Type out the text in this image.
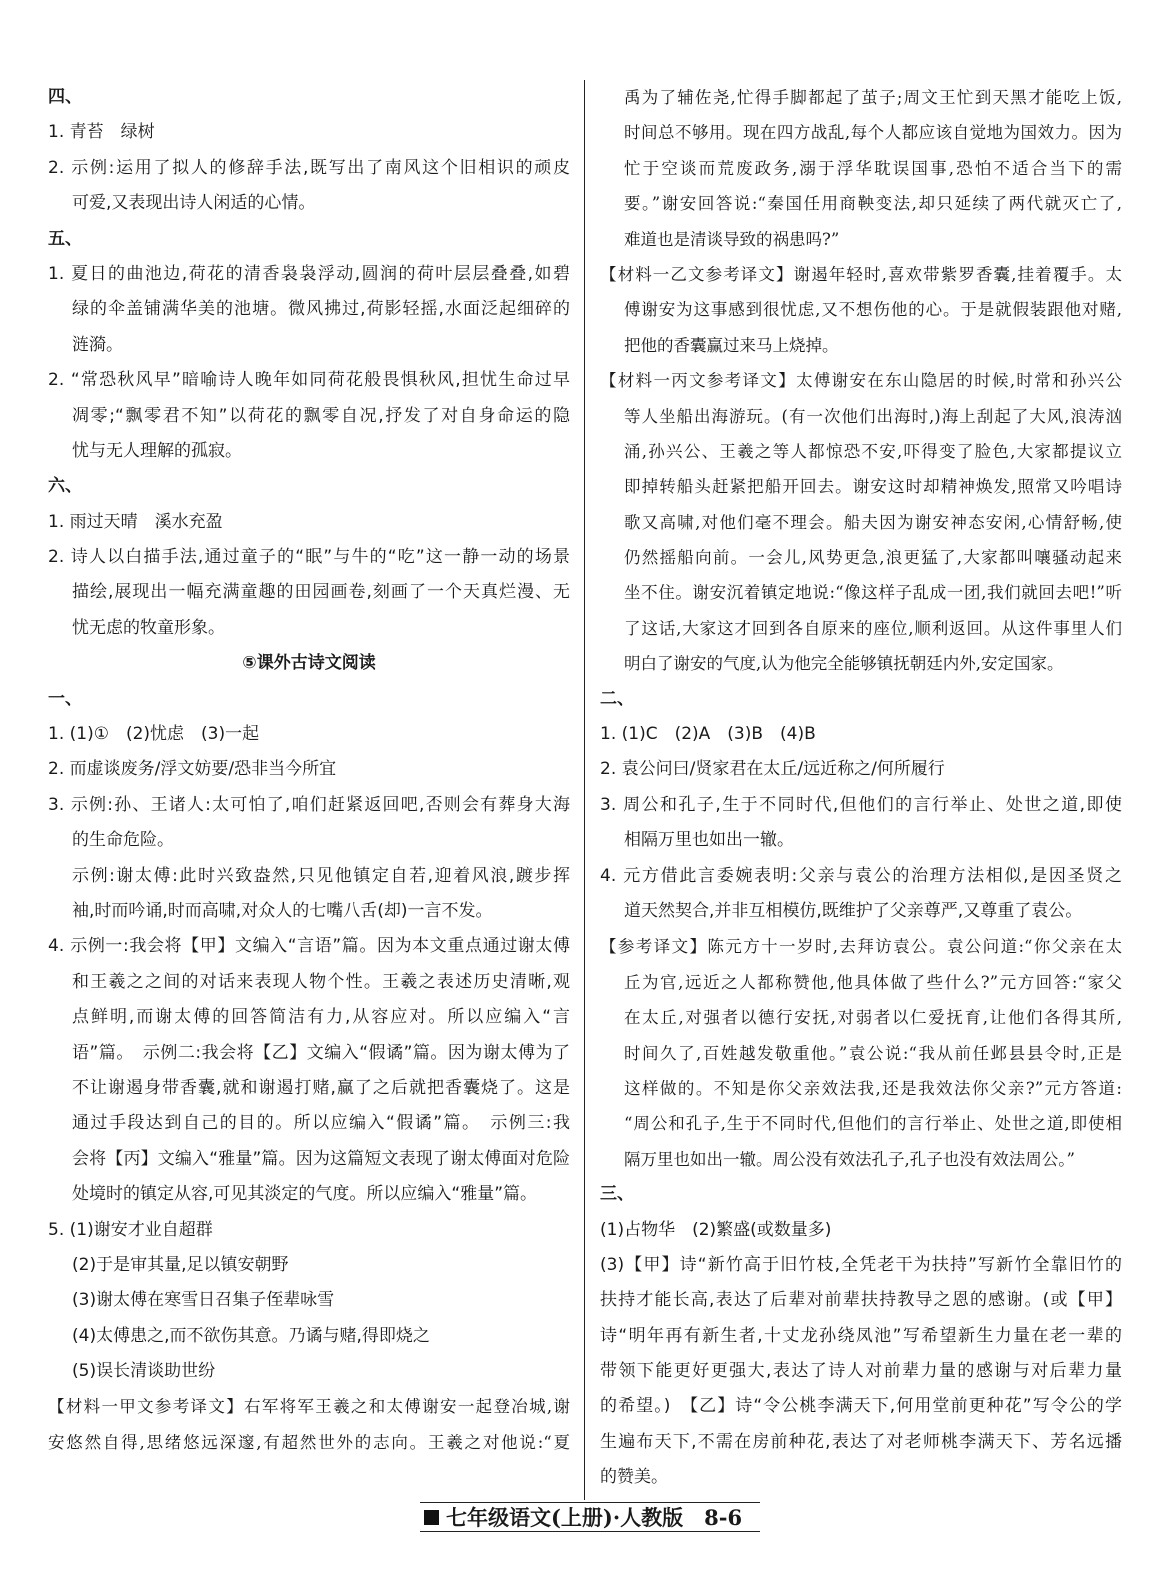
四、
1. 青苔　绿树
2. 示例:运用了拟人的修辞手法,既写出了南风这个旧相识的顽皮
可爱,又表现出诗人闲适的心情。
五、
1. 夏日的曲池边,荷花的清香袅袅浮动,圆润的荷叶层层叠叠,如碧
绿的伞盖铺满华美的池塘。微风拂过,荷影轻摇,水面泛起细碎的
涟漪。
2. “常恐秋风早”暗喻诗人晚年如同荷花般畏惧秋风,担忧生命过早
凋零;“飘零君不知”以荷花的飘零自况,抒发了对自身命运的隐
忧与无人理解的孤寂。
六、
1. 雨过天晴　溪水充盈
2. 诗人以白描手法,通过童子的“眠”与牛的“吃”这一静一动的场景
描绘,展现出一幅充满童趣的田园画卷,刻画了一个天真烂漫、无
忧无虑的牧童形象。
⑤课外古诗文阅读
一、
1. (1)①　(2)忧虑　(3)一起
2. 而虚谈废务/浮文妨要/恐非当今所宜
3. 示例:孙、王诸人:太可怕了,咱们赶紧返回吧,否则会有葬身大海
的生命危险。
示例:谢太傅:此时兴致盎然,只见他镇定自若,迎着风浪,踱步挥
袖,时而吟诵,时而高啸,对众人的七嘴八舌(却)一言不发。
4. 示例一:我会将【甲】文编入“言语”篇。因为本文重点通过谢太傅
和王羲之之间的对话来表现人物个性。王羲之表述历史清晰,观
点鲜明,而谢太傅的回答简洁有力,从容应对。所以应编入“言
语”篇。　示例二:我会将【乙】文编入“假谲”篇。因为谢太傅为了
不让谢遏身带香囊,就和谢遏打赌,赢了之后就把香囊烧了。这是
通过手段达到自己的目的。所以应编入“假谲”篇。　示例三:我
会将【丙】文编入“雅量”篇。因为这篇短文表现了谢太傅面对危险
处境时的镇定从容,可见其淡定的气度。所以应编入“雅量”篇。
5. (1)谢安才业自超群
(2)于是审其量,足以镇安朝野
(3)谢太傅在寒雪日召集子侄辈咏雪
(4)太傅患之,而不欲伤其意。乃谲与赌,得即烧之
(5)误长清谈助世纷
【材料一甲文参考译文】右军将军王羲之和太傅谢安一起登冶城,谢
安悠然自得,思绪悠远深邃,有超然世外的志向。王羲之对他说:“夏
禹为了辅佐尧,忙得手脚都起了茧子;周文王忙到天黑才能吃上饭,
时间总不够用。现在四方战乱,每个人都应该自觉地为国效力。因为
忙于空谈而荒废政务,溺于浮华耽误国事,恐怕不适合当下的需
要。”谢安回答说:“秦国任用商鞅变法,却只延续了两代就灭亡了,
难道也是清谈导致的祸患吗?”
【材料一乙文参考译文】谢遏年轻时,喜欢带紫罗香囊,挂着覆手。太
傅谢安为这事感到很忧虑,又不想伤他的心。于是就假装跟他对赌,
把他的香囊赢过来马上烧掉。
【材料一丙文参考译文】太傅谢安在东山隐居的时候,时常和孙兴公
等人坐船出海游玩。(有一次他们出海时,)海上刮起了大风,浪涛汹
涌,孙兴公、王羲之等人都惊恐不安,吓得变了脸色,大家都提议立
即掉转船头赶紧把船开回去。谢安这时却精神焕发,照常又吟唱诗
歌又高啸,对他们毫不理会。船夫因为谢安神态安闲,心情舒畅,使
仍然摇船向前。一会儿,风势更急,浪更猛了,大家都叫嚷骚动起来
坐不住。谢安沉着镇定地说:“像这样子乱成一团,我们就回去吧!”听
了这话,大家这才回到各自原来的座位,顺利返回。从这件事里人们
明白了谢安的气度,认为他完全能够镇抚朝廷内外,安定国家。
二、
1. (1)C　(2)A　(3)B　(4)B
2. 袁公问曰/贤家君在太丘/远近称之/何所履行
3. 周公和孔子,生于不同时代,但他们的言行举止、处世之道,即使
相隔万里也如出一辙。
4. 元方借此言委婉表明:父亲与袁公的治理方法相似,是因圣贤之
道天然契合,并非互相模仿,既维护了父亲尊严,又尊重了袁公。
【参考译文】陈元方十一岁时,去拜访袁公。袁公问道:“你父亲在太
丘为官,远近之人都称赞他,他具体做了些什么?”元方回答:“家父
在太丘,对强者以德行安抚,对弱者以仁爱抚育,让他们各得其所,
时间久了,百姓越发敬重他。”袁公说:“我从前任邺县县令时,正是
这样做的。不知是你父亲效法我,还是我效法你父亲?”元方答道:
“周公和孔子,生于不同时代,但他们的言行举止、处世之道,即使相
隔万里也如出一辙。周公没有效法孔子,孔子也没有效法周公。”
三、
(1)占物华　(2)繁盛(或数量多)
(3)【甲】诗“新竹高于旧竹枝,全凭老干为扶持”写新竹全靠旧竹的
扶持才能长高,表达了后辈对前辈扶持教导之恩的感谢。(或【甲】
诗“明年再有新生者,十丈龙孙绕凤池”写希望新生力量在老一辈的
带领下能更好更强大,表达了诗人对前辈力量的感谢与对后辈力量
的希望。)　【乙】诗“令公桃李满天下,何用堂前更种花”写令公的学
生遍布天下,不需在房前种花,表达了对老师桃李满天下、芳名远播
的赞美。
七年级语文(上册)·人教版　8-6
